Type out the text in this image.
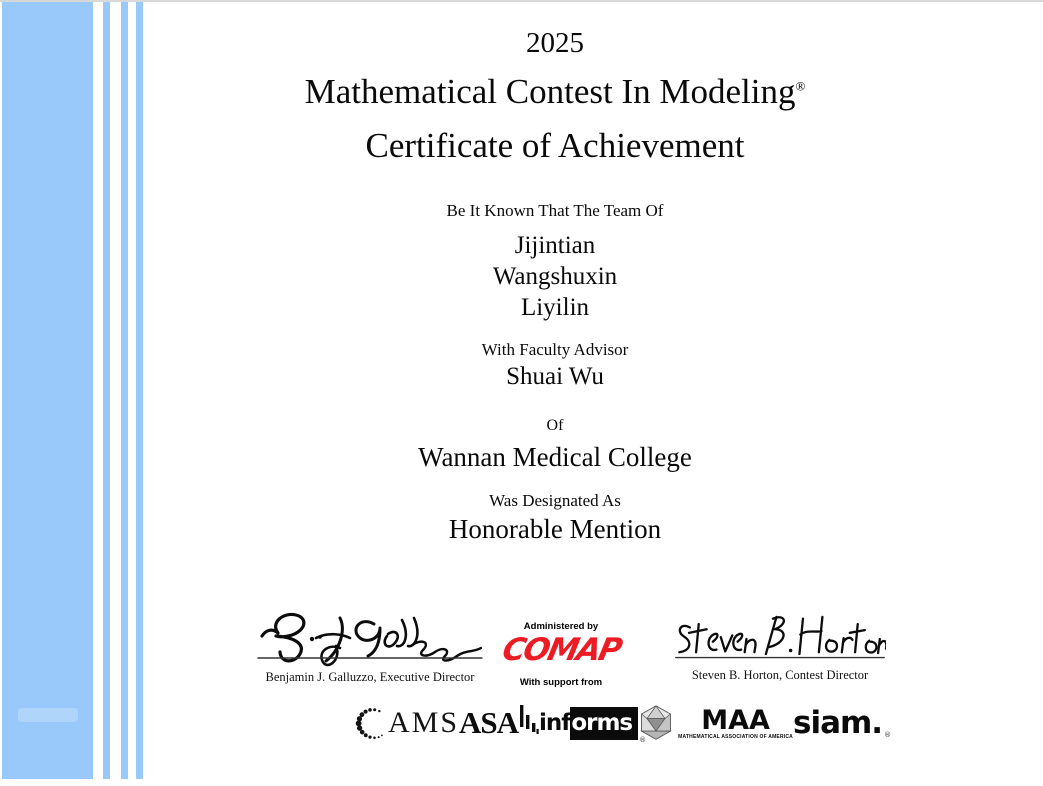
2025
Mathematical Contest In Modeling®
Certificate of Achievement
Be It Known That The Team Of
Jijintian
Wangshuxin
Liyilin
With Faculty Advisor
Shuai Wu
Of
Wannan Medical College
Was Designated As
Honorable Mention
Benjamin J. Galluzzo, Executive Director
Administered by
COMAP
With support from
Steven B. Horton, Contest Director
AMS ASA inf orms
®
MAA
MATHEMATICAL ASSOCIATION OF AMERICA siam. ®
